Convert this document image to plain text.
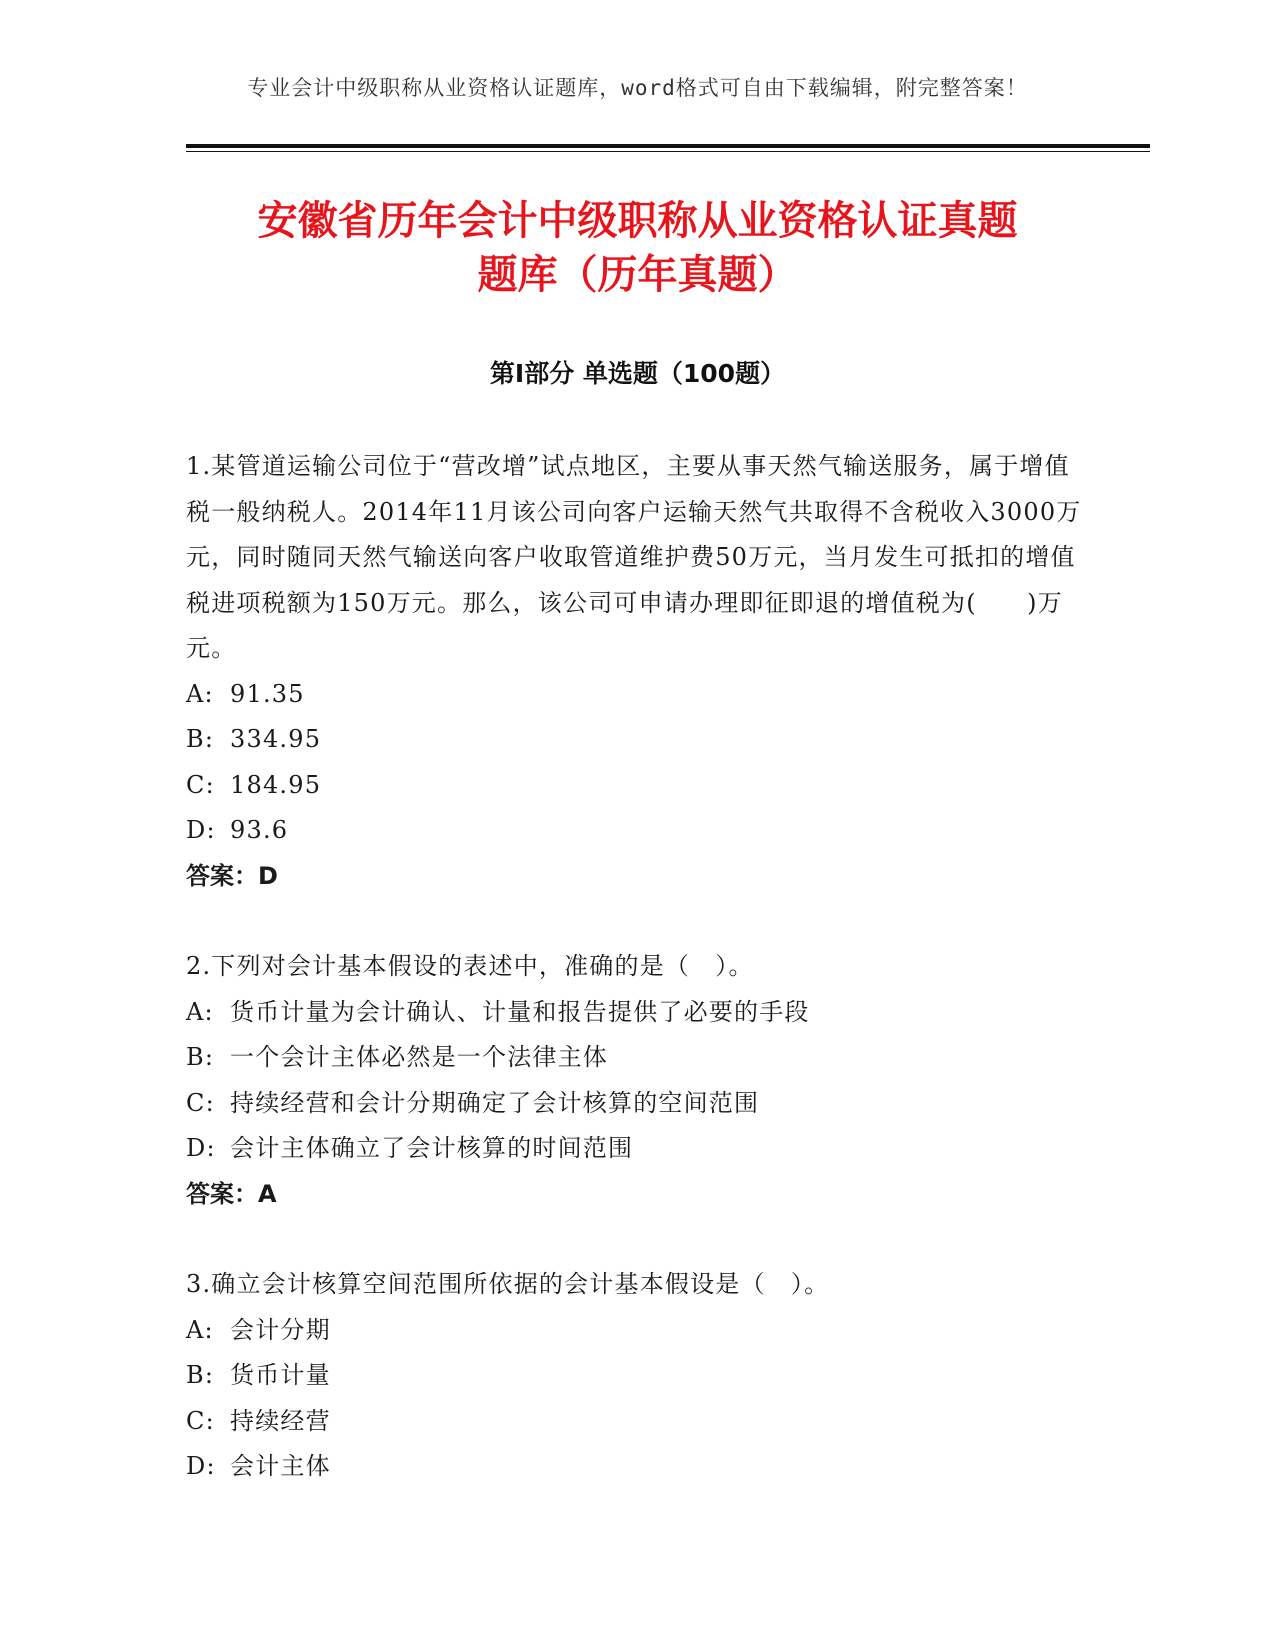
专业会计中级职称从业资格认证题库，word格式可自由下载编辑，附完整答案！
安徽省历年会计中级职称从业资格认证真题
题库（历年真题）
第Ⅰ部分 单选题（100题）

1.某管道运输公司位于“营改增”试点地区，主要从事天然气输送服务，属于增值税一般纳税人。2014年11月该公司向客户运输天然气共取得不含税收入3000万元，同时随同天然气输送向客户收取管道维护费50万元，当月发生可抵扣的增值税进项税额为150万元。那么，该公司可申请办理即征即退的增值税为(　　)万元。

A: 91.35
B: 334.95
C: 184.95
D: 93.6

答案：D

2.下列对会计基本假设的表述中，准确的是（　）。

A: 货币计量为会计确认、计量和报告提供了必要的手段
B: 一个会计主体必然是一个法律主体
C: 持续经营和会计分期确定了会计核算的空间范围
D: 会计主体确立了会计核算的时间范围

答案：A

3.确立会计核算空间范围所依据的会计基本假设是（　）。

A: 会计分期
B: 货币计量
C: 持续经营
D: 会计主体
